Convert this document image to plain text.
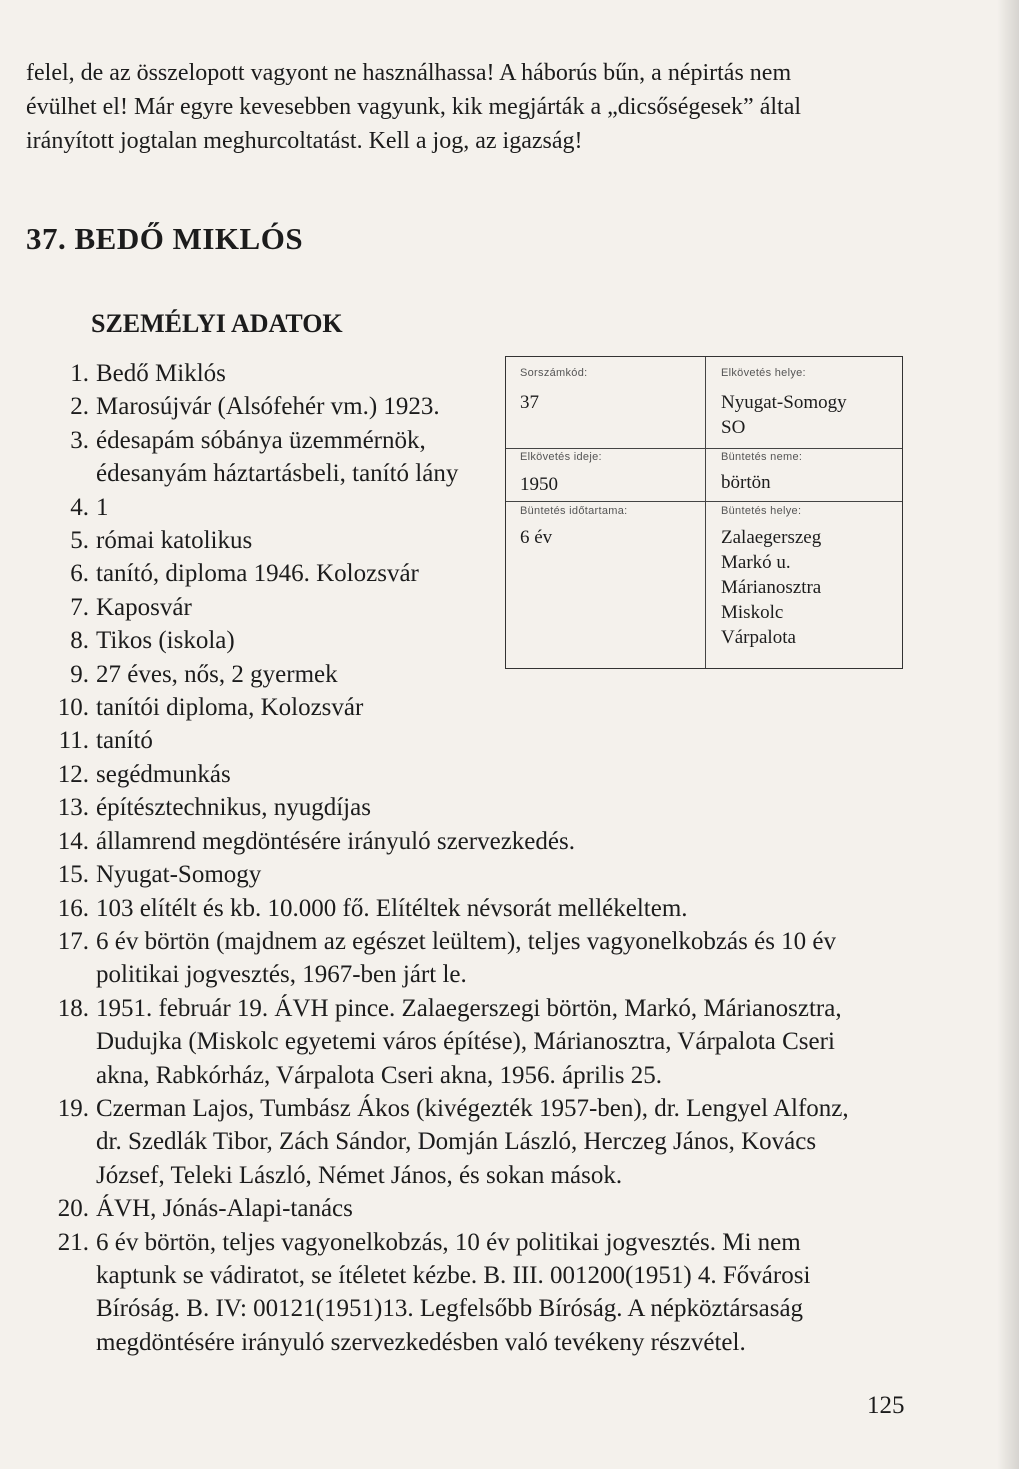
felel, de az összelopott vagyont ne használhassa! A háborús bűn, a népirtás nem

évülhet el! Már egyre kevesebben vagyunk, kik megjárták a „dicsőségesek” által

irányított jogtalan meghurcoltatást. Kell a jog, az igazság!

37. BEDŐ MIKLÓS
SZEMÉLYI ADATOK
1. Bedő Miklós
2. Marosújvár (Alsófehér vm.) 1923.
3. édesapám sóbánya üzemmérnök,
édesanyám háztartásbeli, tanító lány
4. 1
5. római katolikus
6. tanító, diploma 1946. Kolozsvár
7. Kaposvár
8. Tikos (iskola)
9. 27 éves, nős, 2 gyermek
10. tanítói diploma, Kolozsvár
11. tanító
12. segédmunkás
13. építésztechnikus, nyugdíjas
14. államrend megdöntésére irányuló szervezkedés.
15. Nyugat-Somogy
16. 103 elítélt és kb. 10.000 fő. Elítéltek névsorát mellékeltem.
17. 6 év börtön (majdnem az egészet leültem), teljes vagyonelkobzás és 10 év
politikai jogvesztés, 1967-ben járt le.
18. 1951. február 19. ÁVH pince. Zalaegerszegi börtön, Markó, Márianosztra,
Dudujka (Miskolc egyetemi város építése), Márianosztra, Várpalota Cseri
akna, Rabkórház, Várpalota Cseri akna, 1956. április 25.
19. Czerman Lajos, Tumbász Ákos (kivégezték 1957-ben), dr. Lengyel Alfonz,
dr. Szedlák Tibor, Zách Sándor, Domján László, Herczeg János, Kovács
József, Teleki László, Német János, és sokan mások.
20. ÁVH, Jónás-Alapi-tanács
21. 6 év börtön, teljes vagyonelkobzás, 10 év politikai jogvesztés. Mi nem
kaptunk se vádiratot, se ítéletet kézbe. B. III. 001200(1951) 4. Fővárosi
Bíróság. B. IV: 00121(1951)13. Legfelsőbb Bíróság. A népköztársaság
megdöntésére irányuló szervezkedésben való tevékeny részvétel.
Sorszámkód:
37
Elkövetés helye:
Nyugat-Somogy
SO
Elkövetés ideje:
1950
Büntetés neme:
börtön
Büntetés időtartama:
6 év
Büntetés helye:
Zalaegerszeg
Markó u.
Márianosztra
Miskolc
Várpalota
125
